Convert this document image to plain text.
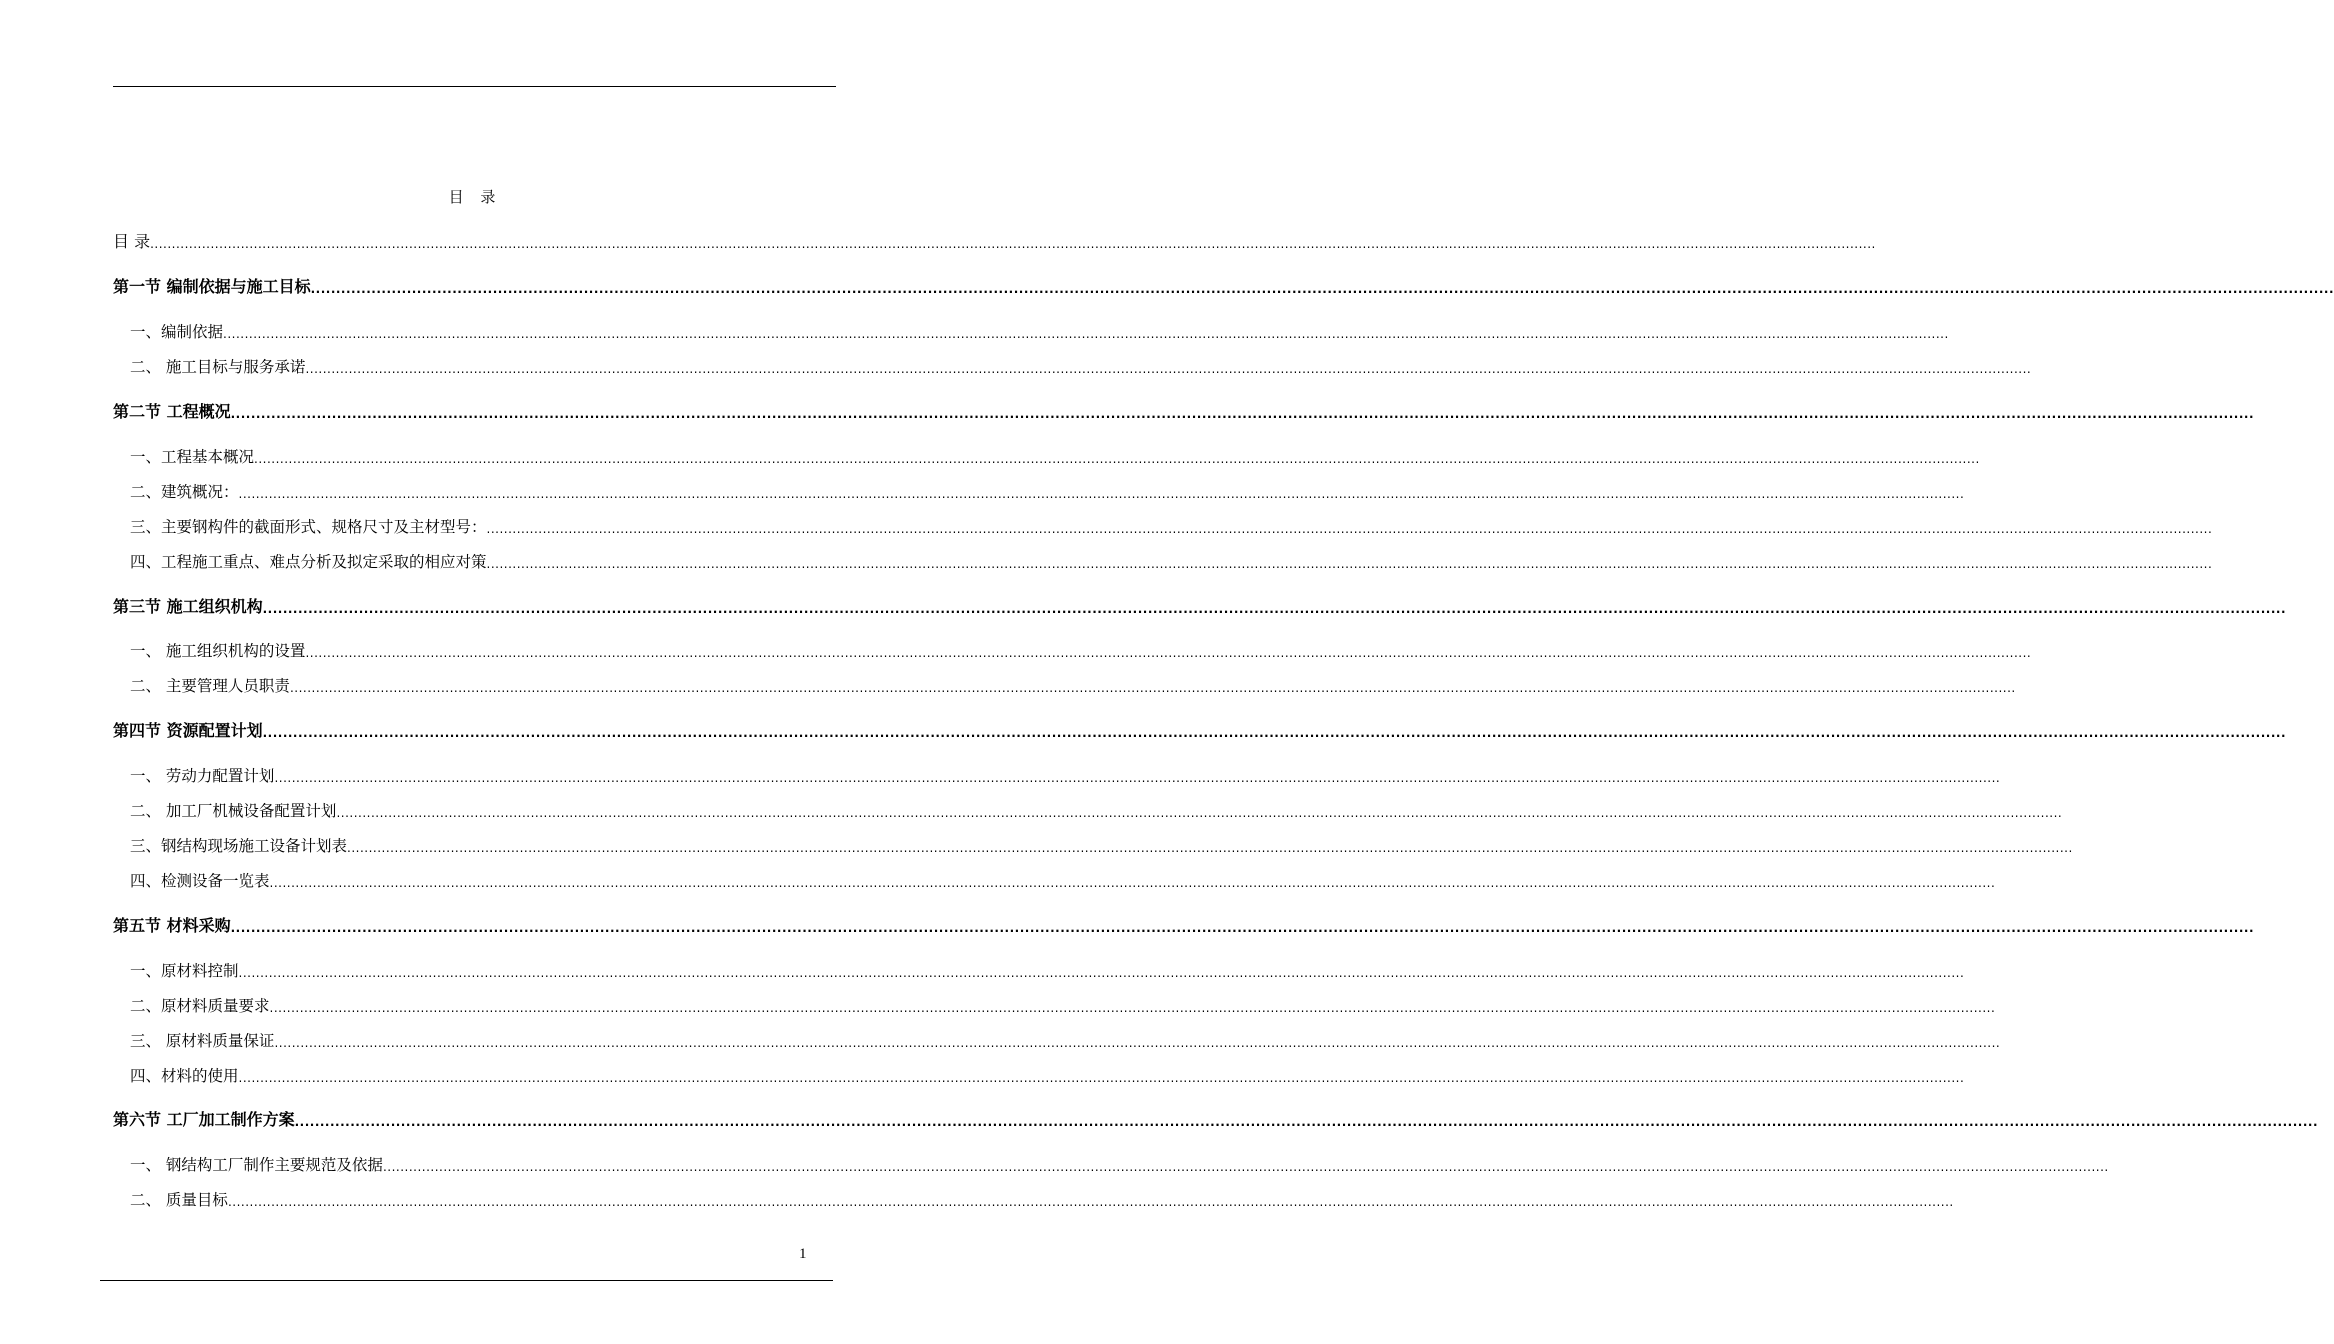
目 录
目 录 ................................................................................................................................................................................................................................................................................................................................................................................................................
第一节 编制依据与施工目标 ................................................................................................................................................................................................................................................................................................................................................................................................................
一、编制依据 ................................................................................................................................................................................................................................................................................................................................................................................................................
二、 施工目标与服务承诺 ................................................................................................................................................................................................................................................................................................................................................................................................................
第二节 工程概况 ................................................................................................................................................................................................................................................................................................................................................................................................................
一、工程基本概况 ................................................................................................................................................................................................................................................................................................................................................................................................................
二、建筑概况： ................................................................................................................................................................................................................................................................................................................................................................................................................
三、主要钢构件的截面形式、规格尺寸及主材型号： ................................................................................................................................................................................................................................................................................................................................................................................................................
四、工程施工重点、难点分析及拟定采取的相应对策 ................................................................................................................................................................................................................................................................................................................................................................................................................
第三节 施工组织机构 ................................................................................................................................................................................................................................................................................................................................................................................................................
一、 施工组织机构的设置 ................................................................................................................................................................................................................................................................................................................................................................................................................
二、 主要管理人员职责 ................................................................................................................................................................................................................................................................................................................................................................................................................
第四节 资源配置计划 ................................................................................................................................................................................................................................................................................................................................................................................................................
一、 劳动力配置计划 ................................................................................................................................................................................................................................................................................................................................................................................................................
二、 加工厂机械设备配置计划 ................................................................................................................................................................................................................................................................................................................................................................................................................
三、钢结构现场施工设备计划表 ................................................................................................................................................................................................................................................................................................................................................................................................................
四、检测设备一览表 ................................................................................................................................................................................................................................................................................................................................................................................................................
第五节 材料采购 ................................................................................................................................................................................................................................................................................................................................................................................................................
一、原材料控制 ................................................................................................................................................................................................................................................................................................................................................................................................................
二、原材料质量要求 ................................................................................................................................................................................................................................................................................................................................................................................................................
三、 原材料质量保证 ................................................................................................................................................................................................................................................................................................................................................................................................................
四、材料的使用 ................................................................................................................................................................................................................................................................................................................................................................................................................
第六节 工厂加工制作方案 ................................................................................................................................................................................................................................................................................................................................................................................................................
一、 钢结构工厂制作主要规范及依据 ................................................................................................................................................................................................................................................................................................................................................................................................................
二、 质量目标 ................................................................................................................................................................................................................................................................................................................................................................................................................
1
